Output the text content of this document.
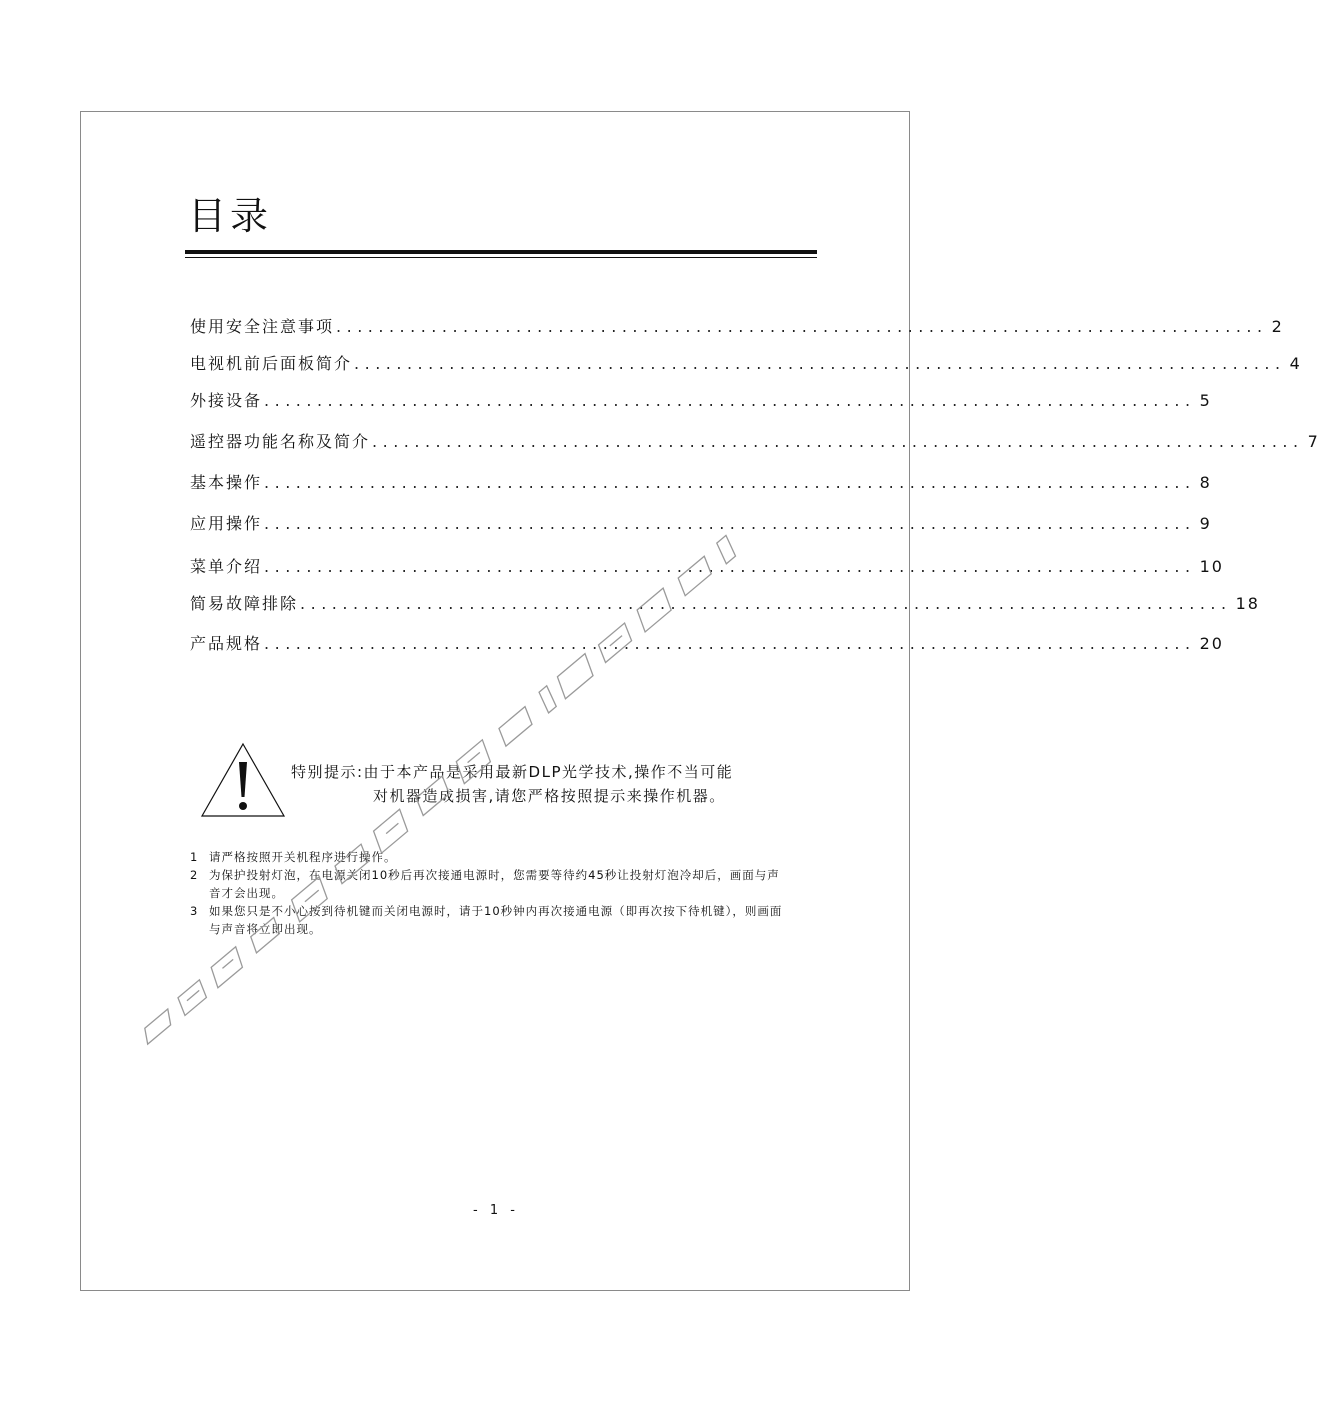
目录
使用安全注意事项 ........................................................................................ 2
电视机前后面板简介 ........................................................................................ 4
外接设备 ........................................................................................ 5
遥控器功能名称及简介 ........................................................................................ 7
基本操作 ........................................................................................ 8
应用操作 ........................................................................................ 9
菜单介绍 ........................................................................................ 10
简易故障排除 ........................................................................................ 18
产品规格 ........................................................................................ 20
特别提示:由于本产品是采用最新DLP光学技术,操作不当可能
对机器造成损害,请您严格按照提示来操作机器。
1 请严格按照开关机程序进行操作。
2 为保护投射灯泡，在电源关闭10秒后再次接通电源时，您需要等待约45秒让投射灯泡冷却后，画面与声音才会出现。
3 如果您只是不小心按到待机键而关闭电源时，请于10秒钟内再次接通电源（即再次按下待机键），则画面与声音将立即出现。
- 1 -
